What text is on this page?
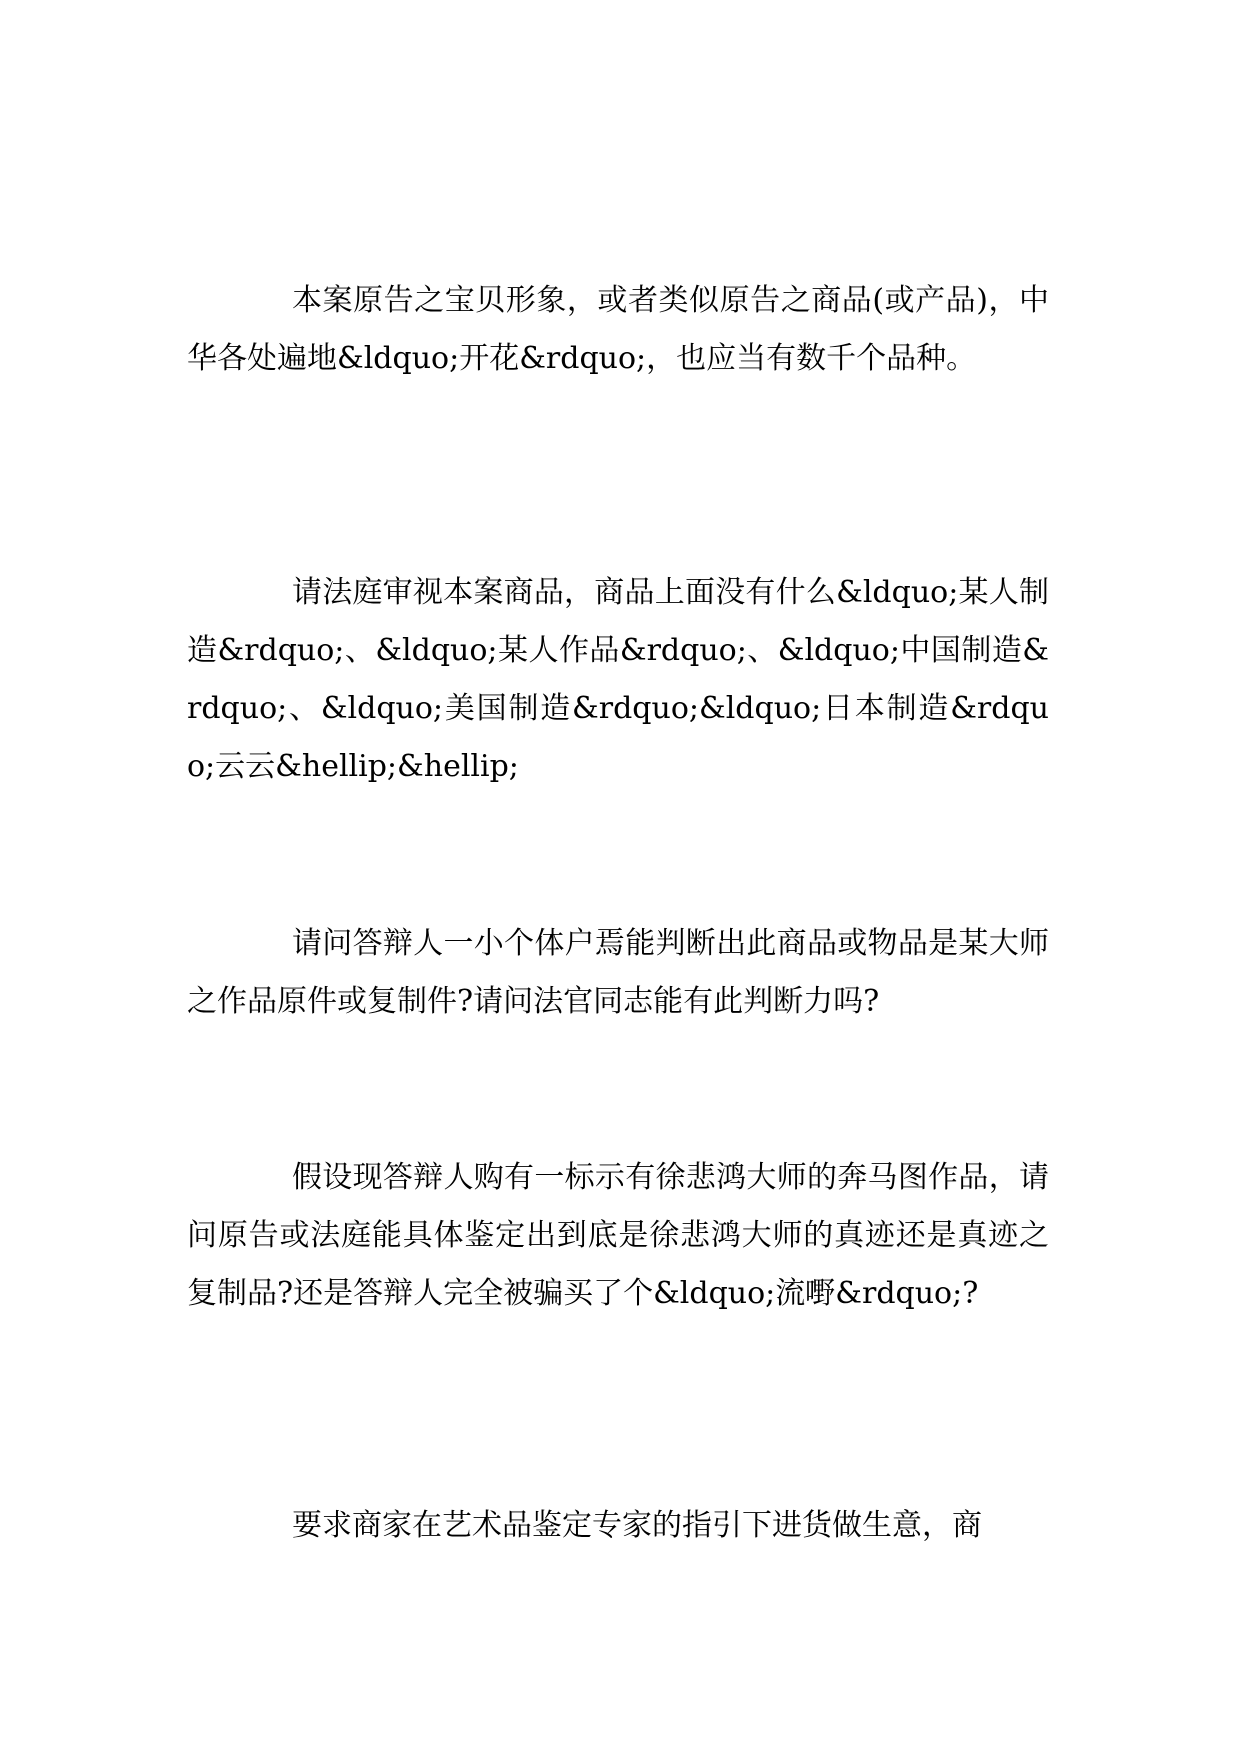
本案原告之宝贝形象，或者类似原告之商品(或产品)，中华各处遍地&ldquo;开花&rdquo;，也应当有数千个品种。

请法庭审视本案商品，商品上面没有什么&ldquo;某人制造&rdquo;、&ldquo;某人作品&rdquo;、&ldquo;中国制造&rdquo;、&ldquo;美国制造&rdquo;&ldquo;日本制造&rdquo;云云&hellip;&hellip;

请问答辩人一小个体户焉能判断出此商品或物品是某大师之作品原件或复制件?请问法官同志能有此判断力吗?

假设现答辩人购有一标示有徐悲鸿大师的奔马图作品，请问原告或法庭能具体鉴定出到底是徐悲鸿大师的真迹还是真迹之复制品?还是答辩人完全被骗买了个&ldquo;流嘢&rdquo;?

要求商家在艺术品鉴定专家的指引下进货做生意，商
